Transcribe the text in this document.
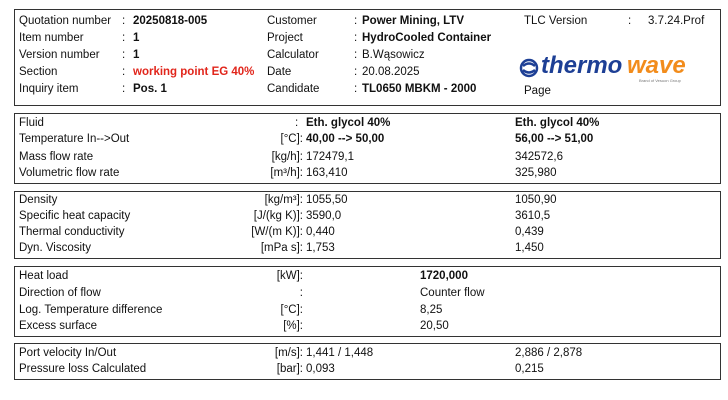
Quotation number : 20250818-005
Item number	: 1
Version number : 1
Section	: working point EG 40%
Inquiry item	: Pos. 1
Customer	: Power Mining, LTV
Project	: HydroCooled Container
Calculator	: B.Wąsowicz
Date	: 20.08.2025
Candidate	: TL0650 MBKM - 2000
TLC Version	: 3.7.24.Prof
thermo wave
Brand of Vesuon Group
Page
Fluid	: Eth. glycol 40%	Eth. glycol 40%
Temperature In-->Out	[°C]: 40,00 --> 50,00	56,00 --> 51,00
Mass flow rate	[kg/h]: 172479,1	342572,6
Volumetric flow rate	[m³/h]: 163,410	325,980
Density	[kg/m³]: 1055,50	1050,90
Specific heat capacity	[J/(kg K)]: 3590,0	3610,5
Thermal conductivity	[W/(m K)]: 0,440	0,439
Dyn. Viscosity	[mPa s]: 1,753	1,450
Heat load	[kW]:	1720,000
Direction of flow	:	Counter flow
Log. Temperature difference	[°C]:	8,25
Excess surface	[%]:	20,50
Port velocity In/Out	[m/s]: 1,441 / 1,448	2,886 / 2,878
Pressure loss Calculated	[bar]: 0,093	0,215
